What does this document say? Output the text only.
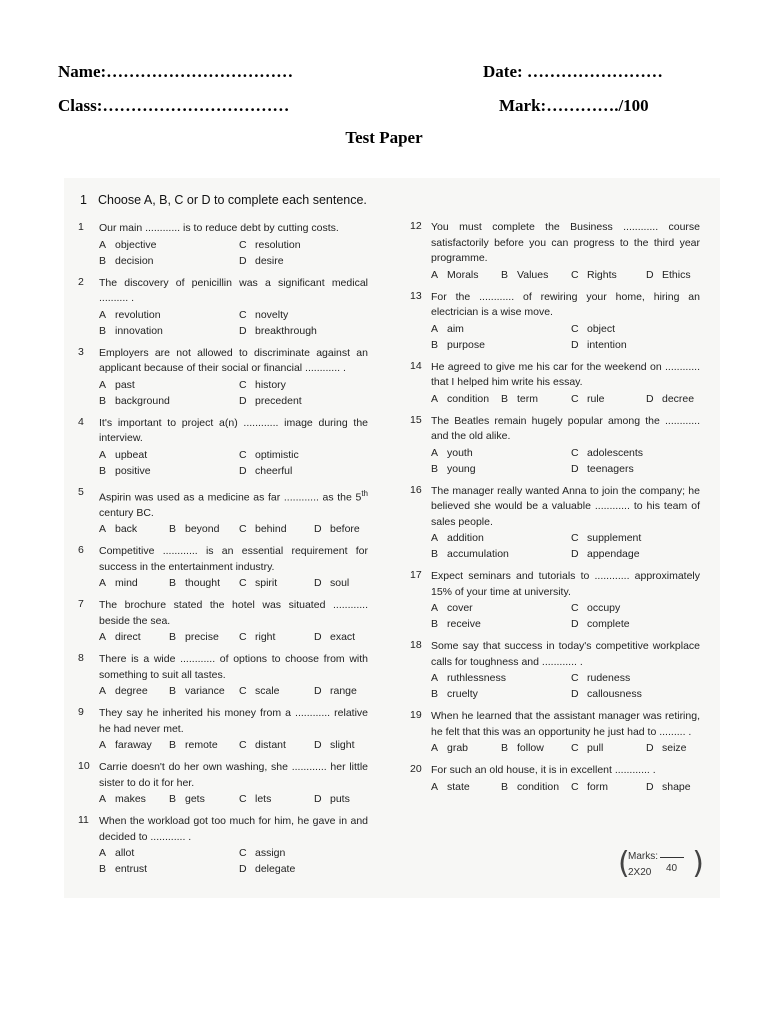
Name:……………………………	Date: ……………………
Class:……………………………	Mark:…………./100
Test Paper
1 Choose A, B, C or D to complete each sentence.
1	Our main ............ is to reduce debt by cutting costs.
A objective	C resolution
B decision	D desire
2	The discovery of penicillin was a significant medical .......... .
A revolution	C novelty
B innovation	D breakthrough
3	Employers are not allowed to discriminate against an applicant because of their social or financial ............ .
A past	C history
B background	D precedent
4	It's important to project a(n) ............ image during the interview.
A upbeat	C optimistic
B positive	D cheerful
5	Aspirin was used as a medicine as far ............ as the 5th century BC.
A back	B beyond	C behind	D before
6	Competitive ............ is an essential requirement for success in the entertainment industry.
A mind	B thought	C spirit	D soul
7	The brochure stated the hotel was situated ............ beside the sea.
A direct	B precise	C right	D exact
8	There is a wide ............ of options to choose from with something to suit all tastes.
A degree	B variance	C scale	D range
9	They say he inherited his money from a ............ relative he had never met.
A faraway	B remote	C distant	D slight
10 Carrie doesn't do her own washing, she ............ her little sister to do it for her.
A makes	B gets	C lets	D puts
11 When the workload got too much for him, he gave in and decided to ............ .
A allot	C assign
B entrust	D delegate
12 You must complete the Business ............ course satisfactorily before you can progress to the third year programme.
A Morals	B Values	C Rights	D Ethics
13 For the ............ of rewiring your home, hiring an electrician is a wise move.
A aim	C object
B purpose	D intention
14 He agreed to give me his car for the weekend on ............ that I helped him write his essay.
A condition	B term	C rule	D decree
15 The Beatles remain hugely popular among the ............ and the old alike.
A youth	C adolescents
B young	D teenagers
16 The manager really wanted Anna to join the company; he believed she would be a valuable ............ to his team of sales people.
A addition	C supplement
B accumulation	D appendage
17 Expect seminars and tutorials to ............ approximately 15% of your time at university.
A cover	C occupy
B receive	D complete
18 Some say that success in today's competitive workplace calls for toughness and ............ .
A ruthlessness	C rudeness
B cruelty	D callousness
19 When he learned that the assistant manager was retiring, he felt that this was an opportunity he just had to ......... .
A grab	B follow	C pull	D seize
20 For such an old house, it is in excellent ............ .
A state	B condition	C form	D shape
(
Marks:
40
2X20 )
